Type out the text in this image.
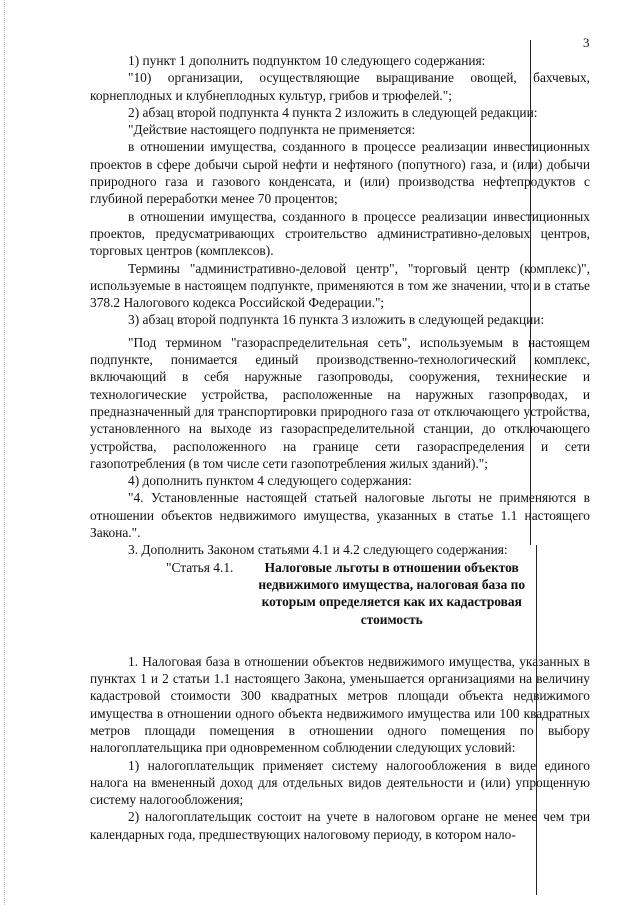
3

1) пункт 1 дополнить подпунктом 10 следующего содержания:

"10) организации, осуществляющие выращивание овощей, бахчевых, корнеплодных и клубнеплодных культур, грибов и трюфелей.";

2) абзац второй подпункта 4 пункта 2 изложить в следующей редакции:

"Действие настоящего подпункта не применяется:

в отношении имущества, созданного в процессе реализации инвестиционных проектов в сфере добычи сырой нефти и нефтяного (попутного) газа, и (или) добычи природного газа и газового конденсата, и (или) производства нефтепродуктов с глубиной переработки менее 70 процентов;

в отношении имущества, созданного в процессе реализации инвестиционных проектов, предусматривающих строительство административно-деловых центров, торговых центров (комплексов).

Термины "административно-деловой центр", "торговый центр (комплекс)", используемые в настоящем подпункте, применяются в том же значении, что и в статье 378.2 Налогового кодекса Российской Федерации.";

3) абзац второй подпункта 16 пункта 3 изложить в следующей редакции:

"Под термином "газораспределительная сеть", используемым в настоящем подпункте, понимается единый производственно-технологический комплекс, включающий в себя наружные газопроводы, сооружения, технические и технологические устройства, расположенные на наружных газопроводах, и предназначенный для транспортировки природного газа от отключающего устройства, установленного на выходе из газораспределительной станции, до отключающего устройства, расположенного на границе сети газораспределения и сети газопотребления (в том числе сети газопотребления жилых зданий).";

4) дополнить пунктом 4 следующего содержания:

"4. Установленные настоящей статьей налоговые льготы не применяются в отношении объектов недвижимого имущества, указанных в статье 1.1 настоящего Закона.".

3. Дополнить Законом статьями 4.1 и 4.2 следующего содержания:

"Статья 4.1.	Налоговые льготы в отношении объектов недвижимого имущества, налоговая база по которым определяется как их кадастровая стоимость

1. Налоговая база в отношении объектов недвижимого имущества, указанных в пунктах 1 и 2 статьи 1.1 настоящего Закона, уменьшается организациями на величину кадастровой стоимости 300 квадратных метров площади объекта недвижимого имущества в отношении одного объекта недвижимого имущества или 100 квадратных метров площади помещения в отношении одного помещения по выбору налогоплательщика при одновременном соблюдении следующих условий:

1) налогоплательщик применяет систему налогообложения в виде единого налога на вмененный доход для отдельных видов деятельности и (или) упрощенную систему налогообложения;

2) налогоплательщик состоит на учете в налоговом органе не менее чем три календарных года, предшествующих налоговому периоду, в котором нало-
